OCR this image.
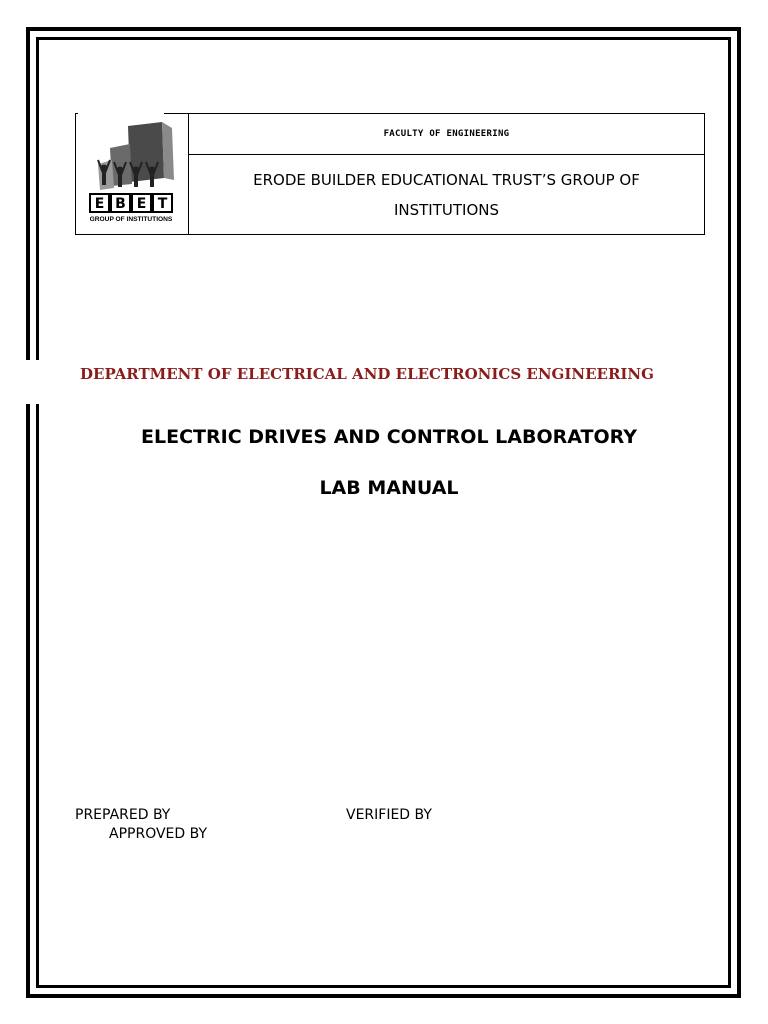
E B E T
GROUP OF INSTITUTIONS
FACULTY OF ENGINEERING
ERODE BUILDER EDUCATIONAL TRUST’S GROUP OF
INSTITUTIONS
DEPARTMENT OF ELECTRICAL AND ELECTRONICS ENGINEERING
ELECTRIC DRIVES AND CONTROL LABORATORY
LAB MANUAL
PREPARED BY	VERIFIED BY
APPROVED BY
